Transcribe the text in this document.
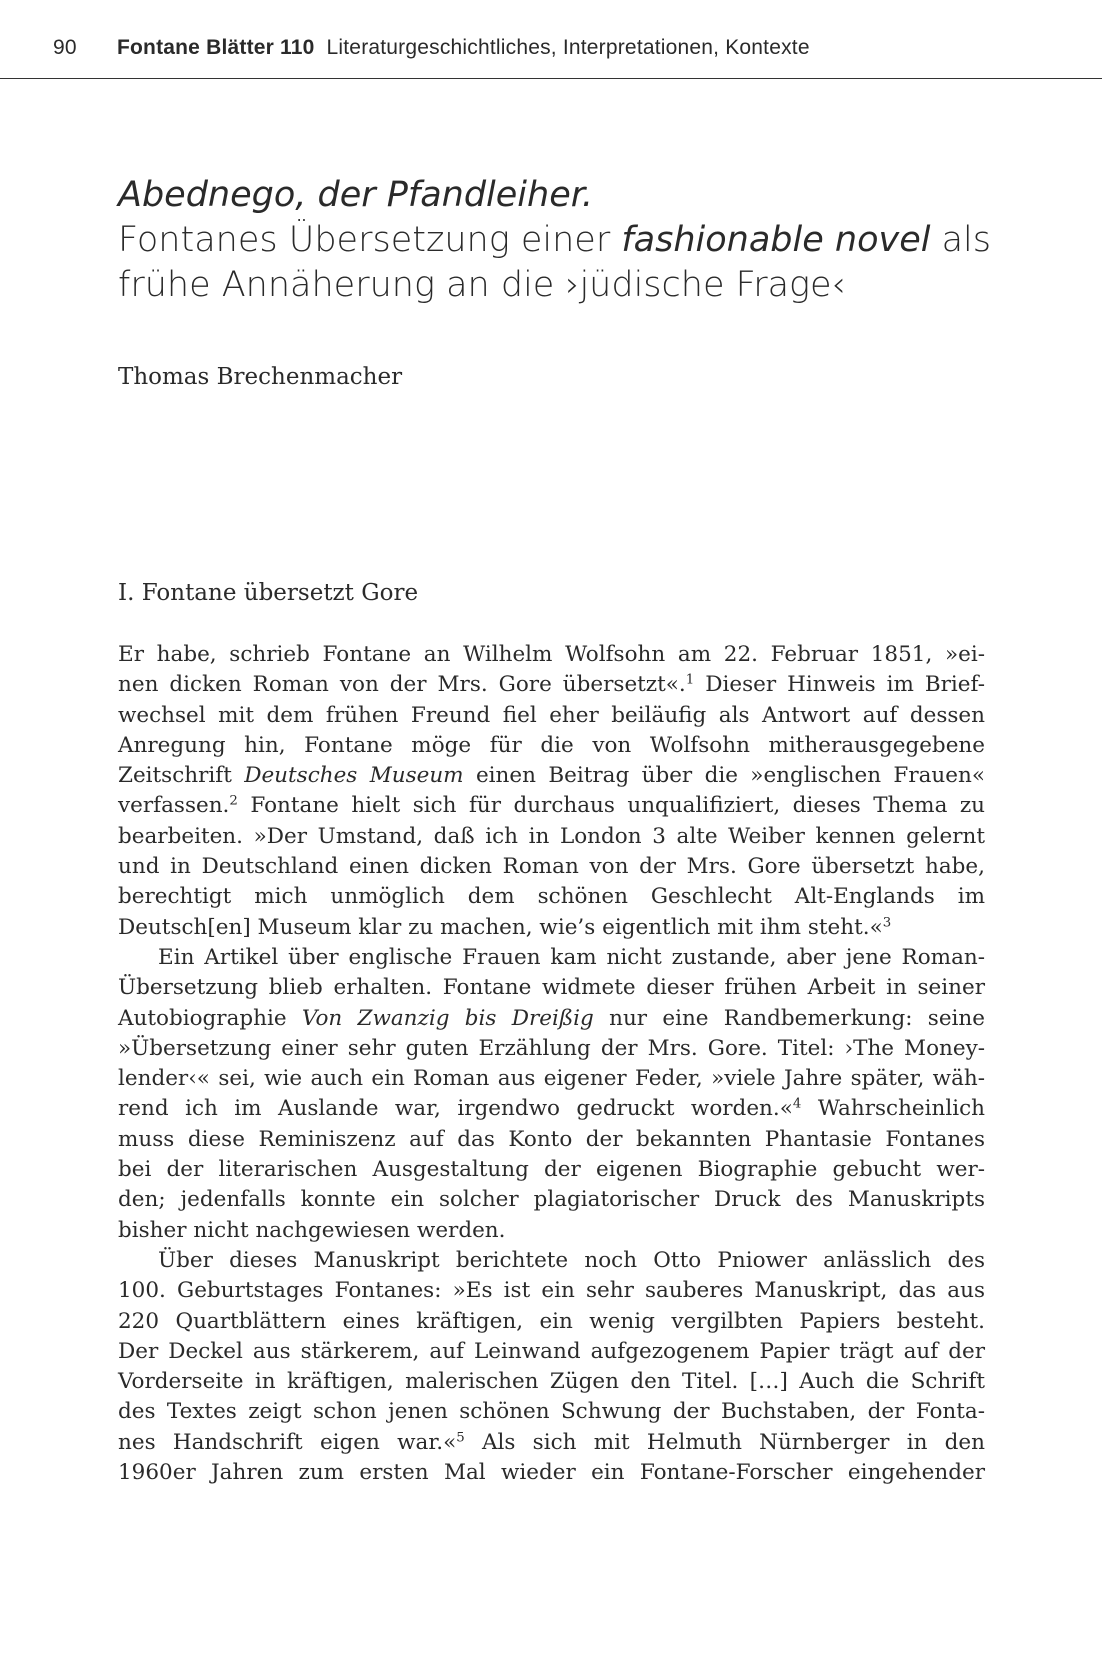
90 Fontane Blätter 110 Literaturgeschichtliches, Interpretationen, Kontexte
Abednego, der Pfandleiher.
Fontanes Übersetzung einer fashionable novel als
frühe Annäherung an die ›jüdische Frage‹
Thomas Brechenmacher
I. Fontane übersetzt Gore
Er habe, schrieb Fontane an Wilhelm Wolfsohn am 22. Februar 1851, »ei-
nen dicken Roman von der Mrs. Gore übersetzt«.$^1$ Dieser Hinweis im Brief-
wechsel mit dem frühen Freund fiel eher beiläufig als Antwort auf dessen
Anregung hin, Fontane möge für die von Wolfsohn mitherausgegebene
Zeitschrift Deutsches Museum einen Beitrag über die »englischen Frauen«
verfassen.$^2$ Fontane hielt sich für durchaus unqualifiziert, dieses Thema zu
bearbeiten. »Der Umstand, daß ich in London 3 alte Weiber kennen gelernt
und in Deutschland einen dicken Roman von der Mrs. Gore übersetzt habe,
berechtigt mich unmöglich dem schönen Geschlecht Alt-Englands im
Deutsch[en] Museum klar zu machen, wie’s eigentlich mit ihm steht.«$^3$
Ein Artikel über englische Frauen kam nicht zustande, aber jene Roman-
Übersetzung blieb erhalten. Fontane widmete dieser frühen Arbeit in seiner
Autobiographie Von Zwanzig bis Dreißig nur eine Randbemerkung: seine
»Übersetzung einer sehr guten Erzählung der Mrs. Gore. Titel: ›The Money-
lender‹« sei, wie auch ein Roman aus eigener Feder, »viele Jahre später, wäh-
rend ich im Auslande war, irgendwo gedruckt worden.«$^4$ Wahrscheinlich
muss diese Reminiszenz auf das Konto der bekannten Phantasie Fontanes
bei der literarischen Ausgestaltung der eigenen Biographie gebucht wer-
den; jedenfalls konnte ein solcher plagiatorischer Druck des Manuskripts
bisher nicht nachgewiesen werden.
Über dieses Manuskript berichtete noch Otto Pniower anlässlich des
100. Geburtstages Fontanes: »Es ist ein sehr sauberes Manuskript, das aus
220 Quartblättern eines kräftigen, ein wenig vergilbten Papiers besteht.
Der Deckel aus stärkerem, auf Leinwand aufgezogenem Papier trägt auf der
Vorderseite in kräftigen, malerischen Zügen den Titel. […] Auch die Schrift
des Textes zeigt schon jenen schönen Schwung der Buchstaben, der Fonta-
nes Handschrift eigen war.«$^5$ Als sich mit Helmuth Nürnberger in den
1960er Jahren zum ersten Mal wieder ein Fontane-Forscher eingehender
